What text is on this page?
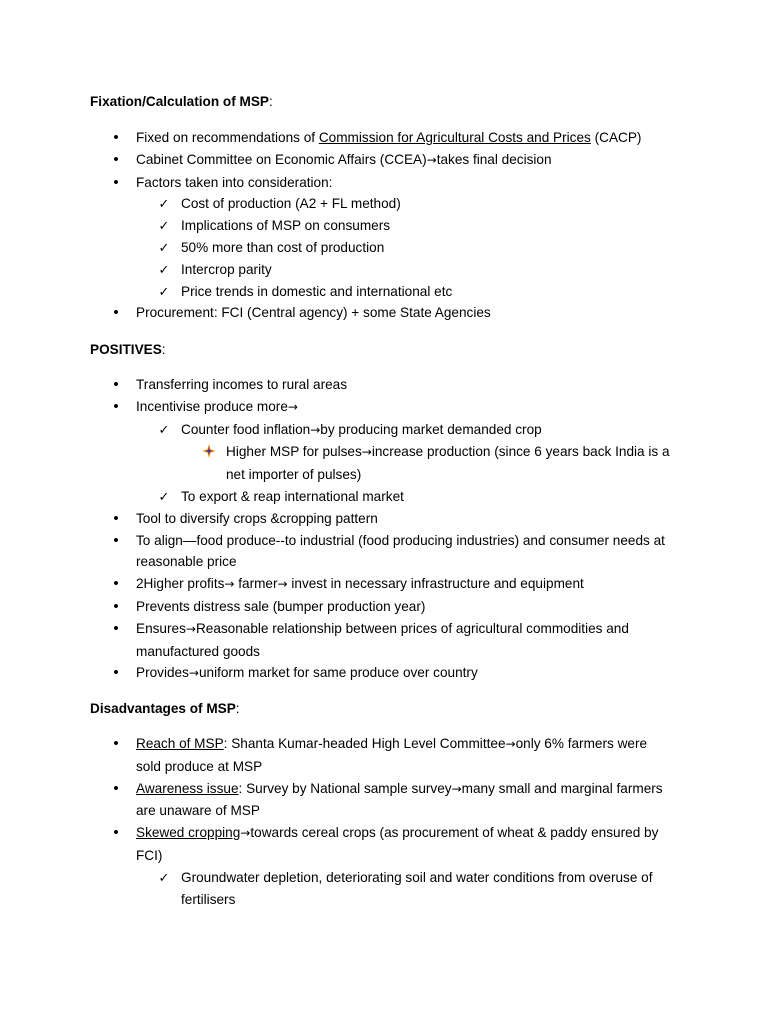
Fixation/Calculation of MSP:
•	Fixed on recommendations of Commission for Agricultural Costs and Prices (CACP)
•	Cabinet Committee on Economic Affairs (CCEA)→takes final decision
•	Factors taken into consideration:
✓ Cost of production (A2 + FL method)
✓ Implications of MSP on consumers
✓ 50% more than cost of production
✓ Intercrop parity
✓ Price trends in domestic and international etc
•	Procurement: FCI (Central agency) + some State Agencies
POSITIVES:
•	Transferring incomes to rural areas
•	Incentivise produce more→
✓ Counter food inflation→by producing market demanded crop
Higher MSP for pulses→increase production (since 6 years back India is a net importer of pulses)
✓ To export & reap international market
•	Tool to diversify crops &cropping pattern
•	To align—food produce--to industrial (food producing industries) and consumer needs at reasonable price
•	2Higher profits→ farmer→ invest in necessary infrastructure and equipment
•	Prevents distress sale (bumper production year)
•	Ensures→Reasonable relationship between prices of agricultural commodities and manufactured goods
•	Provides→uniform market for same produce over country
Disadvantages of MSP:
•	Reach of MSP: Shanta Kumar-headed High Level Committee→only 6% farmers were sold produce at MSP
•	Awareness issue: Survey by National sample survey→many small and marginal farmers are unaware of MSP
•	Skewed cropping→towards cereal crops (as procurement of wheat & paddy ensured by FCI)
✓ Groundwater depletion, deteriorating soil and water conditions from overuse of fertilisers
